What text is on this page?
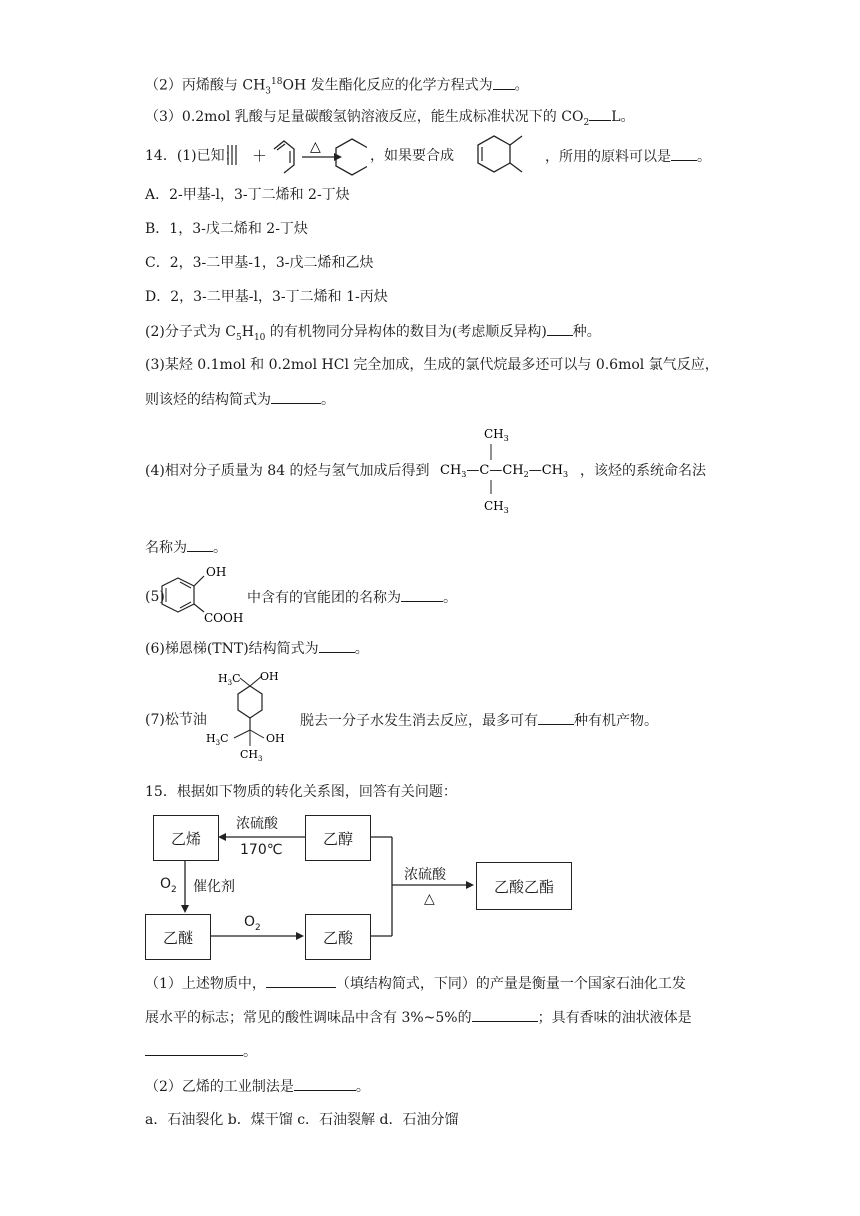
（2）丙烯酸与 $CH_3^{18}OH$ 发生酯化反应的化学方程式为 。
（3）0.2mol 乳酸与足量碳酸氢钠溶液反应，能生成标准状况下的 $CO_2$ L。
14．(1)已知： ＋	△
，如果要合成	，所用的原料可以是 。
A．2-甲基-l，3-丁二烯和 2-丁炔
B．1，3-戊二烯和 2-丁炔
C．2，3-二甲基-1，3-戊二烯和乙炔
D．2，3-二甲基-l，3-丁二烯和 1-丙炔
(2)分子式为 $C_5H_{10}$ 的有机物同分异构体的数目为(考虑顺反异构) 种。
(3)某烃 0.1mol 和 0.2mol HCl 完全加成，生成的氯代烷最多还可以与 0.6mol 氯气反应，
则该烃的结构简式为	。
(4)相对分子质量为 84 的烃与氢气加成后得到
$CH_3$
$CH_3—C—CH_2—CH_3$
$CH_3$
，该烃的系统命名法
名称为 。
(5)
OH
COOH
中含有的官能团的名称为	。
(6)梯恩梯(TNT)结构简式为	。
(7)松节油
$H_3C$ OH
$H_3C$	OH
$CH_3$
脱去一分子水发生消去反应，最多可有	种有机产物。
15．根据如下物质的转化关系图，回答有关问题：
乙烯	乙醇
乙醚	乙酸
乙酸乙酯
浓硫酸
170℃
$O_2$ 催化剂
$O_2$
浓硫酸
△
（1）上述物质中，	（填结构简式，下同）的产量是衡量一个国家石油化工发
展水平的标志；常见的酸性调味品中含有 3%~5%的	；具有香味的油状液体是
。
（2）乙烯的工业制法是	。
a．石油裂化 b．煤干馏 c．石油裂解 d．石油分馏
